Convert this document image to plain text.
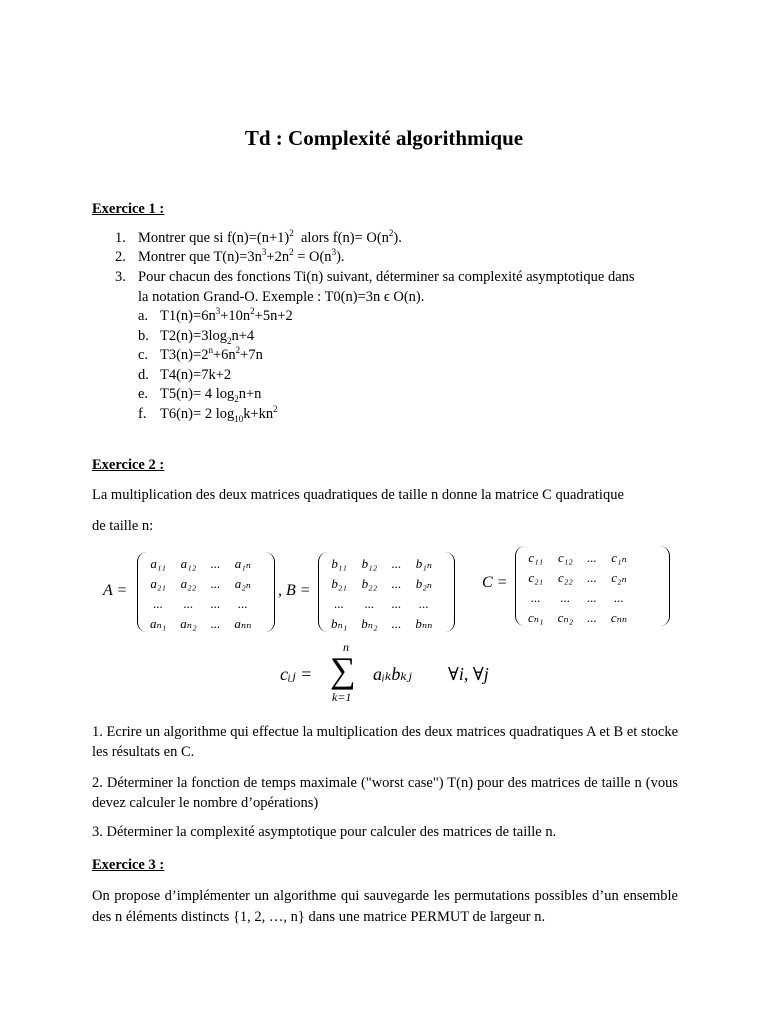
Td : Complexité algorithmique
Exercice 1 :
1. Montrer que si $f(n)=(n+1)^2$  alors $f(n)= O(n^2)$.
2. Montrer que $T(n)=3n^3+2n^2 = O(n^3)$.
3. Pour chacun des fonctions Ti(n) suivant, déterminer sa complexité asymptotique dans
la notation Grand-O. Exemple : T0(n)=3n ϵ O(n).
a. $T1(n)=6n^3+10n^2+5n+2$
b. $T2(n)=3\log_2n+4$
c. $T3(n)=2^n+6n^2+7n$
d. T4(n)=7k+2
e. T5(n)= 4 $\log_2n+n$
f. T6(n)= 2 $\log_{10}k+kn^2$
Exercice 2 :
La multiplication des deux matrices quadratiques de taille n donne la matrice C quadratique
de taille n:
A =
a₁₁	a₁₂	...	a₁ₙ
a₂₁	a₂₂	...	a₂ₙ
...	...	...	...
aₙ₁	aₙ₂	...	aₙₙ
, B =
b₁₁	b₁₂	...	b₁ₙ
b₂₁	b₂₂	...	b₂ₙ
...	...	...	...
bₙ₁	bₙ₂	...	bₙₙ
C =
c₁₁	c₁₂	...	c₁ₙ
c₂₁	c₂₂	...	c₂ₙ
...	...	...	...
cₙ₁	cₙ₂	...	cₙₙ
cᵢⱼ =
n
∑
k=1
aᵢₖbₖⱼ ∀i, ∀j
1. Ecrire un algorithme qui effectue la multiplication des deux matrices quadratiques A et B et stocke les résultats en C.
2. Déterminer la fonction de temps maximale ("worst case") T(n) pour des matrices de taille n (vous devez calculer le nombre d’opérations)
3. Déterminer la complexité asymptotique pour calculer des matrices de taille n.
Exercice 3 :
On propose d’implémenter un algorithme qui sauvegarde les permutations possibles d’un ensemble des n éléments distincts {1, 2, …, n} dans une matrice PERMUT de largeur n.
